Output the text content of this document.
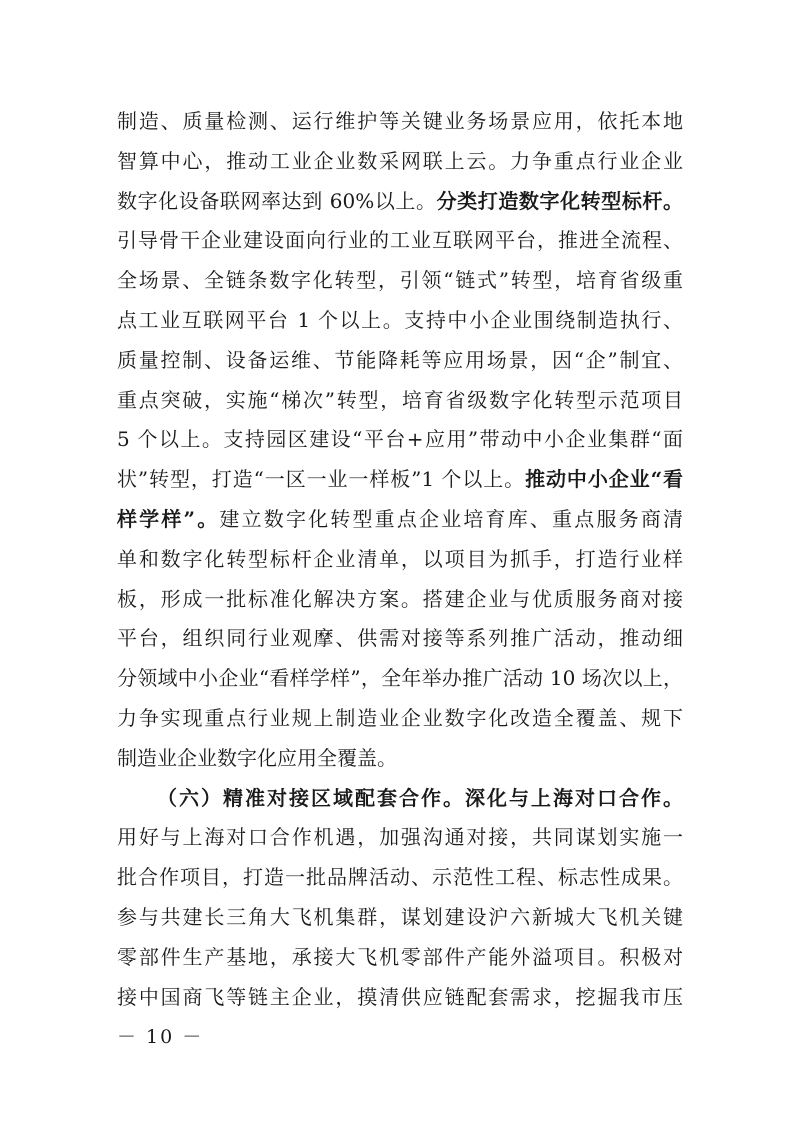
制造、质量检测、运行维护等关键业务场景应用，依托本地
智算中心，推动工业企业数采网联上云。力争重点行业企业
数字化设备联网率达到 60%以上。分类打造数字化转型标杆。
引导骨干企业建设面向行业的工业互联网平台，推进全流程、
全场景、全链条数字化转型，引领“链式”转型，培育省级重
点工业互联网平台 1 个以上。支持中小企业围绕制造执行、
质量控制、设备运维、节能降耗等应用场景，因“企”制宜、
重点突破，实施“梯次”转型，培育省级数字化转型示范项目
5 个以上。支持园区建设“平台+应用”带动中小企业集群“面
状”转型，打造“一区一业一样板”1 个以上。推动中小企业“看
样学样”。建立数字化转型重点企业培育库、重点服务商清
单和数字化转型标杆企业清单，以项目为抓手，打造行业样
板，形成一批标准化解决方案。搭建企业与优质服务商对接
平台，组织同行业观摩、供需对接等系列推广活动，推动细
分领域中小企业“看样学样”，全年举办推广活动 10 场次以上，
力争实现重点行业规上制造业企业数字化改造全覆盖、规下
制造业企业数字化应用全覆盖。
（六）精准对接区域配套合作。深化与上海对口合作。
用好与上海对口合作机遇，加强沟通对接，共同谋划实施一
批合作项目，打造一批品牌活动、示范性工程、标志性成果。
参与共建长三角大飞机集群，谋划建设沪六新城大飞机关键
零部件生产基地，承接大飞机零部件产能外溢项目。积极对
接中国商飞等链主企业，摸清供应链配套需求，挖掘我市压
－ 10 －
